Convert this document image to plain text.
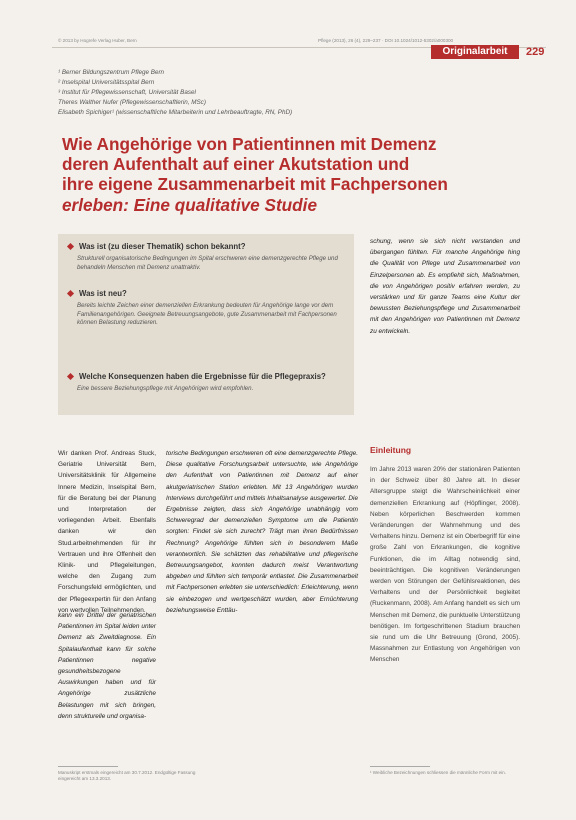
© 2013 by Hogrefe Verlag Huber, Bern	Pflege (2013), 26 (4), 229–237 · DOI 10.1024/1012-5302/a000300
Originalarbeit	229
¹ Berner Bildungszentrum Pflege Bern
² Inselspital Universitätsspital Bern
³ Institut für Pflegewissenschaft, Universität Basel
Theres Walther Nufer (Pflegewissenschaftlerin, MSc)
Elisabeth Spichiger¹ (wissenschaftliche Mitarbeiterin und Lehrbeauftragte, RN, PhD)
Wie Angehörige von Patientinnen mit Demenz
deren Aufenthalt auf einer Akutstation und
ihre eigene Zusammenarbeit mit Fachpersonen
erleben: Eine qualitative Studie
Was ist (zu dieser Thematik) schon bekannt?
Strukturell organisatorische Bedingungen im Spital erschweren eine demenzgerechte Pflege und behandeln Menschen mit Demenz unattraktiv.
Was ist neu?
Bereits leichte Zeichen einer demenziellen Erkrankung bedeuten für Angehörige lange vor dem Familienangehörigen. Geeignete Betreuungsangebote, gute Zusammenarbeit mit Fachpersonen können Belastung reduzieren.
Welche Konsequenzen haben die Ergebnisse für die Pflegepraxis?
Eine bessere Beziehungspflege mit Angehörigen wird empfohlen.
schung, wenn sie sich nicht verstanden und übergangen fühlten. Für manche Angehörige hing die Qualität von Pflege und Zusammenarbeit von Einzelpersonen ab. Es empfiehlt sich, Maßnahmen, die von Angehörigen positiv erfahren werden, zu verstärken und für ganze Teams eine Kultur der bewussten Beziehungspflege und Zusammenarbeit mit den Angehörigen von Patientinnen mit Demenz zu entwickeln.
Wir danken Prof. Andreas Stuck, Geriatrie Universität Bern, Universitätsklinik für Allgemeine Innere Medizin, Inselspital Bern, für die Beratung bei der Planung und Interpretation der vorliegenden Arbeit. Ebenfalls danken wir den Stud.arbeitnehmenden für ihr Vertrauen und ihre Offenheit den Klinik- und Pflegeleitungen, welche den Zugang zum Forschungsfeld ermöglichten, und der Pflegeexpertin für den Anfang von wertvollen Teilnehmenden.
kann ein Drittel der geriatrischen Patientinnen im Spital leiden unter Demenz als Zweitdiagnose. Ein Spitalaufenthalt kann für solche Patientinnen negative gesundheitsbezogene Auswirkungen haben und für Angehörige zusätzliche Belastungen mit sich bringen, denn strukturelle und organisa-
torische Bedingungen erschweren oft eine demenzgerechte Pflege. Diese qualitative Forschungsarbeit untersuchte, wie Angehörige den Aufenthalt von Patientinnen mit Demenz auf einer akutgeriatrischen Station erlebten. Mit 13 Angehörigen wurden Interviews durchgeführt und mittels Inhaltsanalyse ausgewertet. Die Ergebnisse zeigten, dass sich Angehörige unabhängig vom Schweregrad der demenziellen Symptome um die Patientin sorgten: Findet sie sich zurecht? Trägt man ihren Bedürfnissen Rechnung? Angehörige fühlten sich in besonderem Maße verantwortlich. Sie schätzten das rehabilitative und pflegerische Betreuungsangebot, konnten dadurch meist Verantwortung abgeben und fühlten sich temporär entlastet. Die Zusammenarbeit mit Fachpersonen erlebten sie unterschiedlich: Erleichterung, wenn sie einbezogen und wertgeschätzt wurden, aber Ernüchterung beziehungsweise Enttäu-
Einleitung
Im Jahre 2013 waren 20% der stationären Patienten in der Schweiz über 80 Jahre alt. In dieser Altersgruppe steigt die Wahrscheinlichkeit einer demenziellen Erkrankung auf (Höpflinger, 2008). Neben körperlichen Beschwerden kommen Veränderungen der Wahrnehmung und des Verhaltens hinzu. Demenz ist ein Oberbegriff für eine große Zahl von Erkrankungen, die kognitive Funktionen, die im Alltag notwendig sind, beeinträchtigen. Die kognitiven Veränderungen werden von Störungen der Gefühlsreaktionen, des Verhaltens und der Persönlichkeit begleitet (Ruckenmann, 2008). Am Anfang handelt es sich um Menschen mit Demenz, die punktuelle Unterstützung benötigen. Im fortgeschrittenen Stadium brauchen sie rund um die Uhr Betreuung (Grond, 2005). Massnahmen zur Entlastung von Angehörigen von Menschen
Manuskript erstmals eingereicht am 30.7.2012. Endgültige Fassung eingereicht am 13.3.2013.
¹ Weibliche Bezeichnungen schliessen die männliche Form mit ein.
